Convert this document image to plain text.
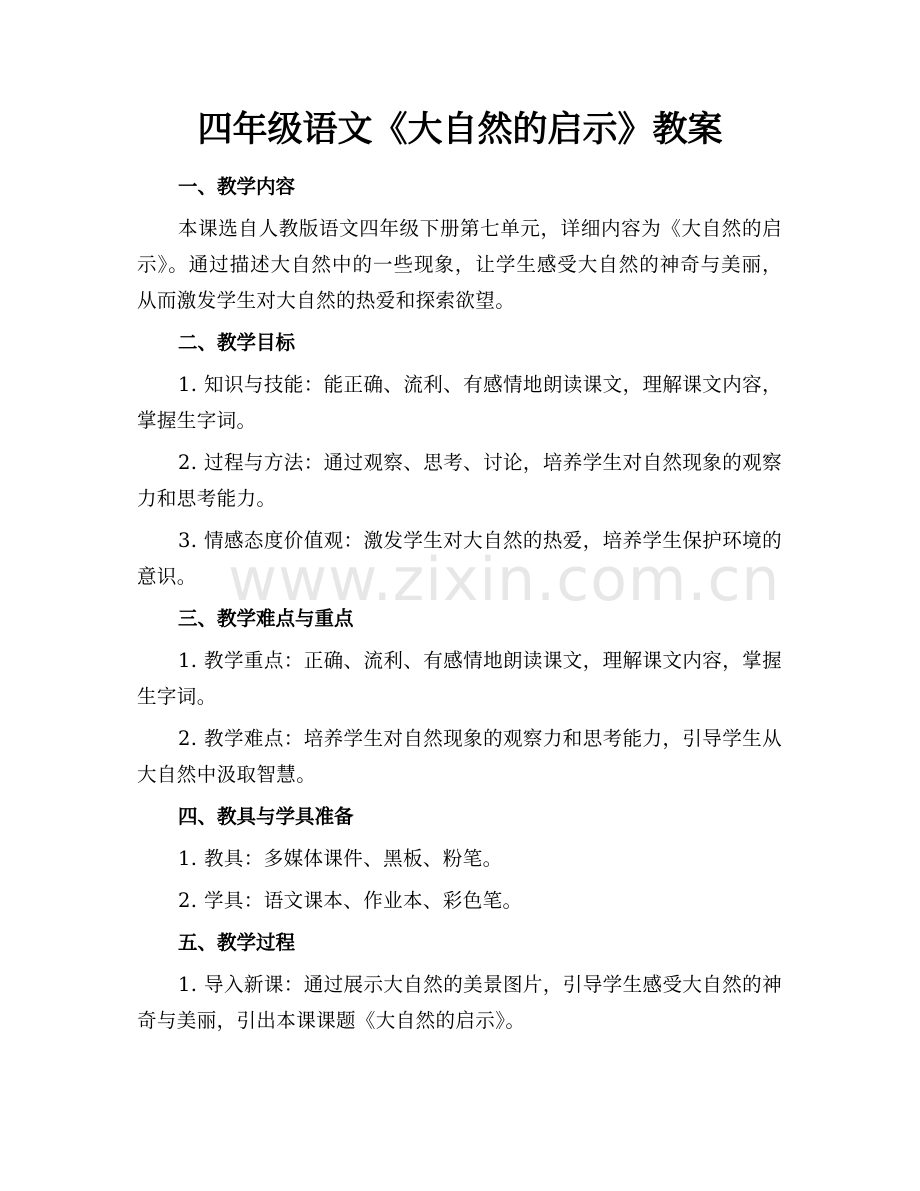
四年级语文《大自然的启示》教案

一、教学内容

本课选自人教版语文四年级下册第七单元，详细内容为《大自然的启示》。通过描述大自然中的一些现象，让学生感受大自然的神奇与美丽，从而激发学生对大自然的热爱和探索欲望。

二、教学目标

1. 知识与技能：能正确、流利、有感情地朗读课文，理解课文内容，掌握生字词。

2. 过程与方法：通过观察、思考、讨论，培养学生对自然现象的观察力和思考能力。

3. 情感态度价值观：激发学生对大自然的热爱，培养学生保护环境的意识。

三、教学难点与重点

1. 教学重点：正确、流利、有感情地朗读课文，理解课文内容，掌握生字词。

2. 教学难点：培养学生对自然现象的观察力和思考能力，引导学生从大自然中汲取智慧。

四、教具与学具准备

1. 教具：多媒体课件、黑板、粉笔。

2. 学具：语文课本、作业本、彩色笔。

五、教学过程

1. 导入新课：通过展示大自然的美景图片，引导学生感受大自然的神奇与美丽，引出本课课题《大自然的启示》。

www.zixin.com.cn
